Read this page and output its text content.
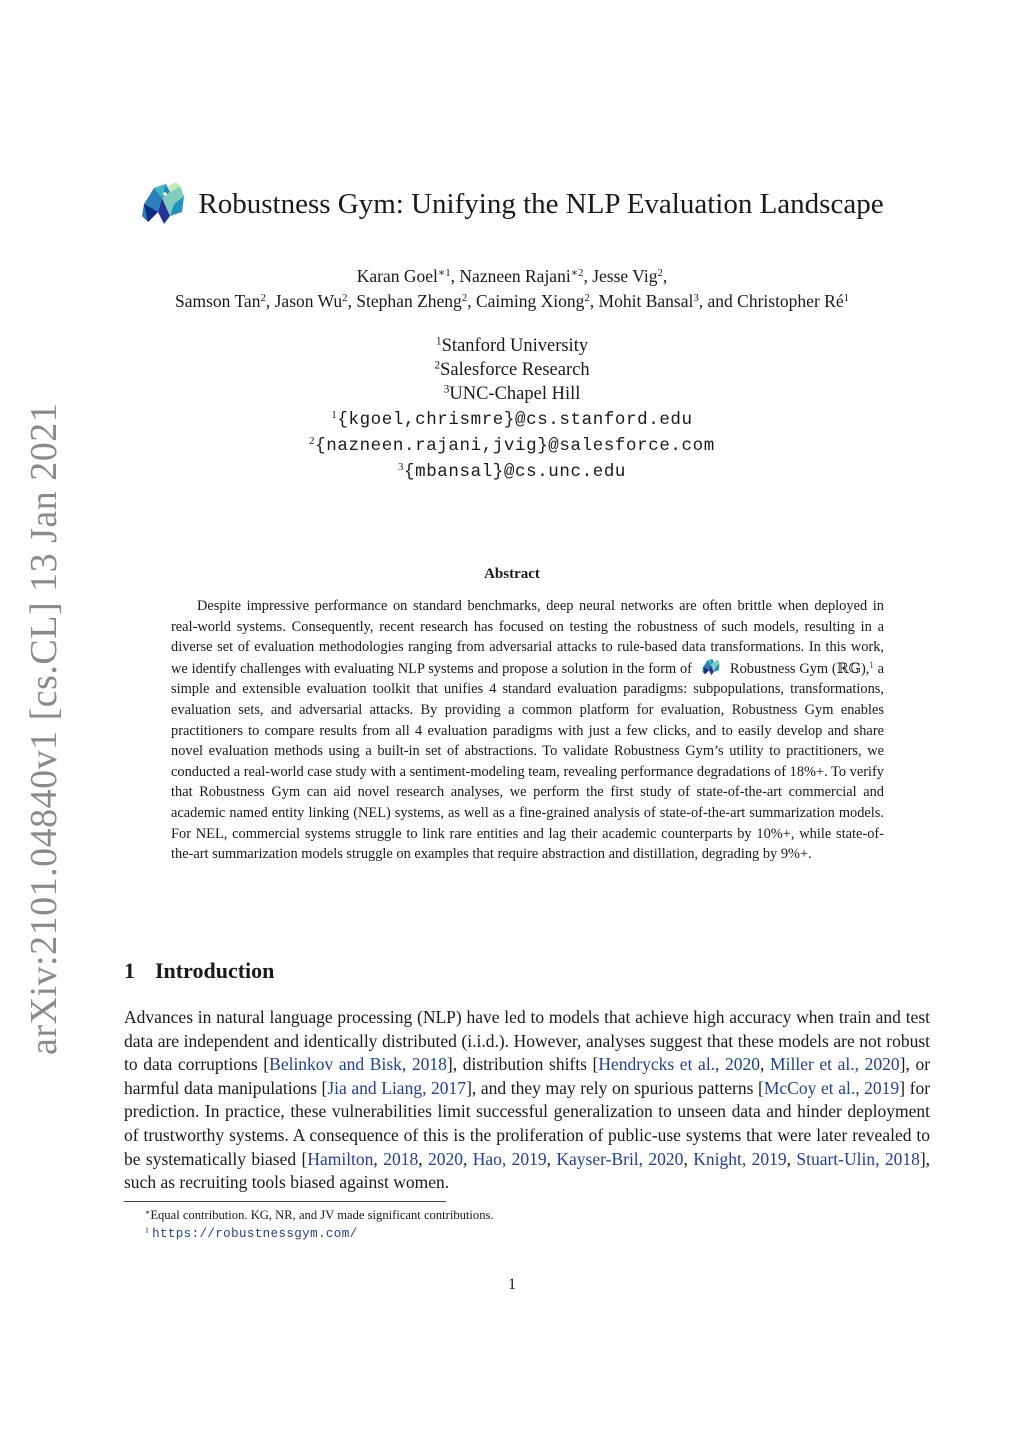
arXiv:2101.04840v1 [cs.CL] 13 Jan 2021
Robustness Gym: Unifying the NLP Evaluation Landscape
Karan Goel$^{∗1}$, Nazneen Rajani$^{∗2}$, Jesse Vig$^2$,
Samson Tan$^2$, Jason Wu$^2$, Stephan Zheng$^2$, Caiming Xiong$^2$, Mohit Bansal$^3$, and Christopher $Ré^1$
$^1$Stanford University
$^2$Salesforce Research
$^3$UNC-Chapel Hill
$^1${kgoel,chrismre}@cs.stanford.edu
$^2${nazneen.rajani,jvig}@salesforce.com
$^3${mbansal}@cs.unc.edu
Abstract

Despite impressive performance on standard benchmarks, deep neural networks are often brittle when deployed in real-world systems. Consequently, recent research has focused on testing the robustness of such models, resulting in a diverse set of evaluation methodologies ranging from adversarial attacks to rule-based data transformations. In this work, we identify challenges with evaluating NLP systems and propose a solution in the form of	Robustness Gym (ℝ𝔾),$^1$ a simple and extensible evaluation toolkit that unifies 4 standard evaluation paradigms: subpopulations, transformations, evaluation sets, and adversarial attacks. By providing a common platform for evaluation, Robustness Gym enables practitioners to compare results from all 4 evaluation paradigms with just a few clicks, and to easily develop and share novel evaluation methods using a built-in set of abstractions. To validate Robustness Gym’s utility to practitioners, we conducted a real-world case study with a sentiment-modeling team, revealing performance degradations of 18%+. To verify that Robustness Gym can aid novel research analyses, we perform the first study of state-of-the-art commercial and academic named entity linking (NEL) systems, as well as a fine-grained analysis of state-of-the-art summarization models. For NEL, commercial systems struggle to link rare entities and lag their academic counterparts by 10%+, while state-of-the-art summarization models struggle on examples that require abstraction and distillation, degrading by 9%+.

1 Introduction

Advances in natural language processing (NLP) have led to models that achieve high accuracy when train and test data are independent and identically distributed (i.i.d.). However, analyses suggest that these models are not robust to data corruptions [Belinkov and Bisk, 2018], distribution shifts [Hendrycks et al., 2020, Miller et al., 2020], or harmful data manipulations [Jia and Liang, 2017], and they may rely on spurious patterns [McCoy et al., 2019] for prediction. In practice, these vulnerabilities limit successful generalization to unseen data and hinder deployment of trustworthy systems. A consequence of this is the proliferation of public-use systems that were later revealed to be systematically biased [Hamilton, 2018, 2020, Hao, 2019, Kayser-Bril, 2020, Knight, 2019, Stuart-Ulin, 2018], such as recruiting tools biased against women.

∗Equal contribution. KG, NR, and JV made significant contributions.
$^1$ https://robustnessgym.com/
1
